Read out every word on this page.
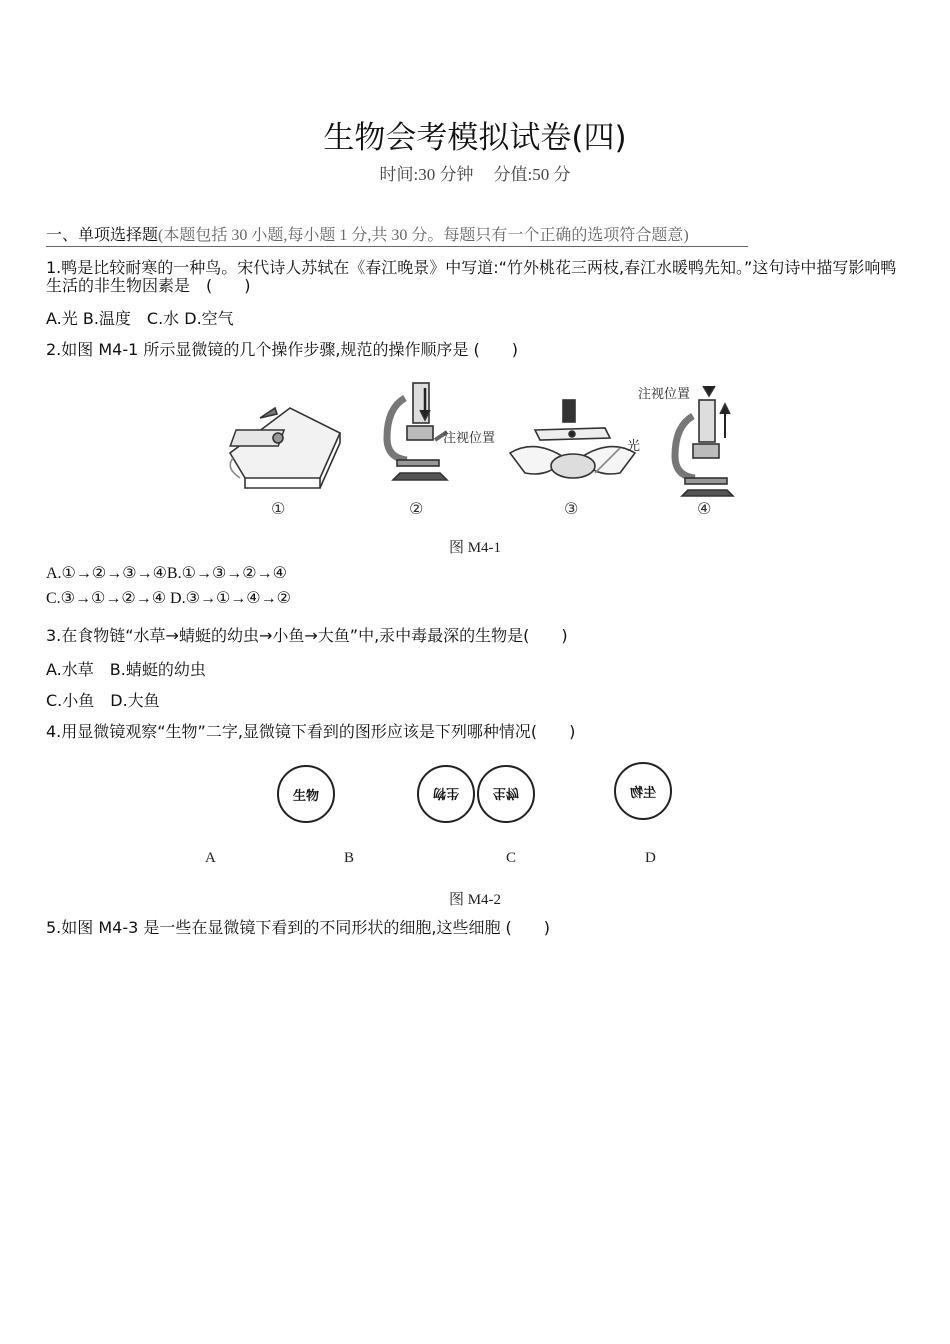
生物会考模拟试卷(四)
时间:30 分钟 分值:50 分
一、单项选择题(本题包括 30 小题,每小题 1 分,共 30 分。每题只有一个正确的选项符合题意)
1.鸭是比较耐寒的一种鸟。宋代诗人苏轼在《春江晚景》中写道:“竹外桃花三两枝,春江水暖鸭先知。”这句诗中描写影响鸭生活的非生物因素是　(　　)
A.光 B.温度　C.水 D.空气
2.如图 M4-1 所示显微镜的几个操作步骤,规范的操作顺序是 (　　)
注视位置
光
注视位置
①	②	③	④
图 M4-1
A.①→②→③→④B.①→③→②→④
C.③→①→②→④ D.③→①→④→②
3.在食物链“水草→蜻蜓的幼虫→小鱼→大鱼”中,汞中毒最深的生物是(　　)
A.水草　B.蜻蜓的幼虫
C.小鱼　D.大鱼
4.用显微镜观察“生物”二字,显微镜下看到的图形应该是下列哪种情况(　　)
生物	生物	生物	生物
A	B	C	D
图 M4-2
5.如图 M4-3 是一些在显微镜下看到的不同形状的细胞,这些细胞 (　　)
